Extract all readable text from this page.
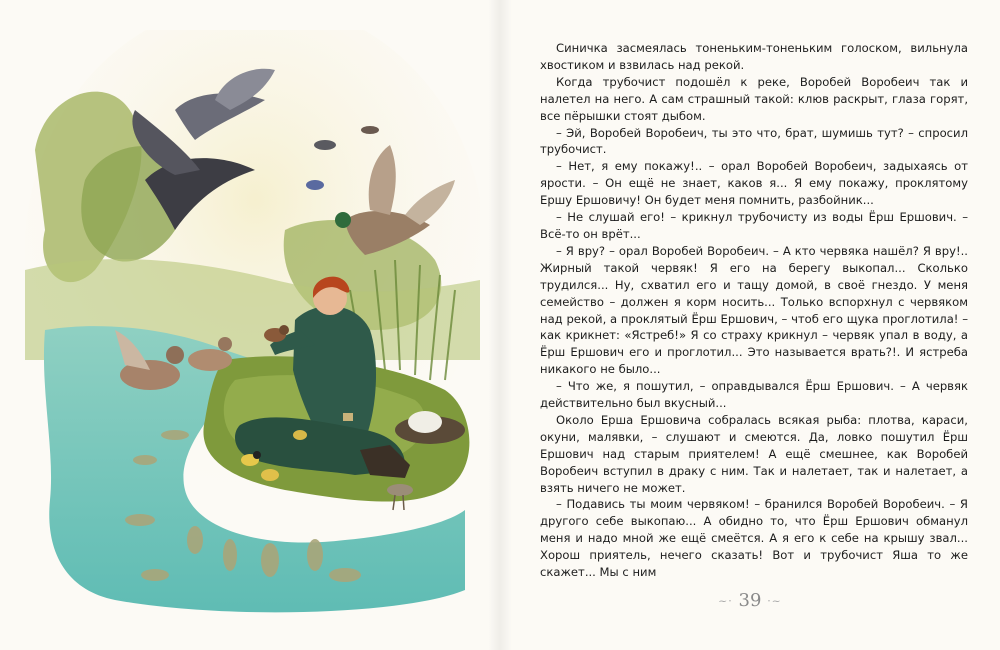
Синичка засмеялась тоненьким-тоненьким голоском, вильнула хвостиком и взвилась над рекой.

Когда трубочист подошёл к реке, Воробей Воробеич так и налетел на него. А сам страшный такой: клюв раскрыт, глаза горят, все пёрышки стоят дыбом.

– Эй, Воробей Воробеич, ты это что, брат, шумишь тут? – спросил трубочист.

– Нет, я ему покажу!.. – орал Воробей Воробеич, задыхаясь от ярости. – Он ещё не знает, каков я... Я ему покажу, проклятому Ершу Ершовичу! Он будет меня помнить, разбойник...

– Не слушай его! – крикнул трубочисту из воды Ёрш Ершович. – Всё-то он врёт...

– Я вру? – орал Воробей Воробеич. – А кто червяка нашёл? Я вру!.. Жирный такой червяк! Я его на берегу выкопал... Сколько трудился... Ну, схватил его и тащу домой, в своё гнездо. У меня семейство – должен я корм носить... Только вспорхнул с червяком над рекой, а проклятый Ёрш Ершович, – чтоб его щука проглотила! – как крикнет: «Ястреб!» Я со страху крикнул – червяк упал в воду, а Ёрш Ершович его и проглотил... Это называется врать?!. И ястреба никакого не было...

– Что же, я пошутил, – оправдывался Ёрш Ершович. – А червяк действительно был вкусный...

Около Ерша Ершовича собралась всякая рыба: плотва, караси, окуни, малявки, – слушают и смеются. Да, ловко пошутил Ёрш Ершович над старым приятелем! А ещё смешнее, как Воробей Воробеич вступил в драку с ним. Так и налетает, так и налетает, а взять ничего не может.

– Подавись ты моим червяком! – бранился Воробей Воробеич. – Я другого себе выкопаю... А обидно то, что Ёрш Ершович обманул меня и надо мной же ещё смеётся. А я его к себе на крышу звал... Хорош приятель, нечего сказать! Вот и трубочист Яша то же скажет... Мы с ним

~· 39 ·~
